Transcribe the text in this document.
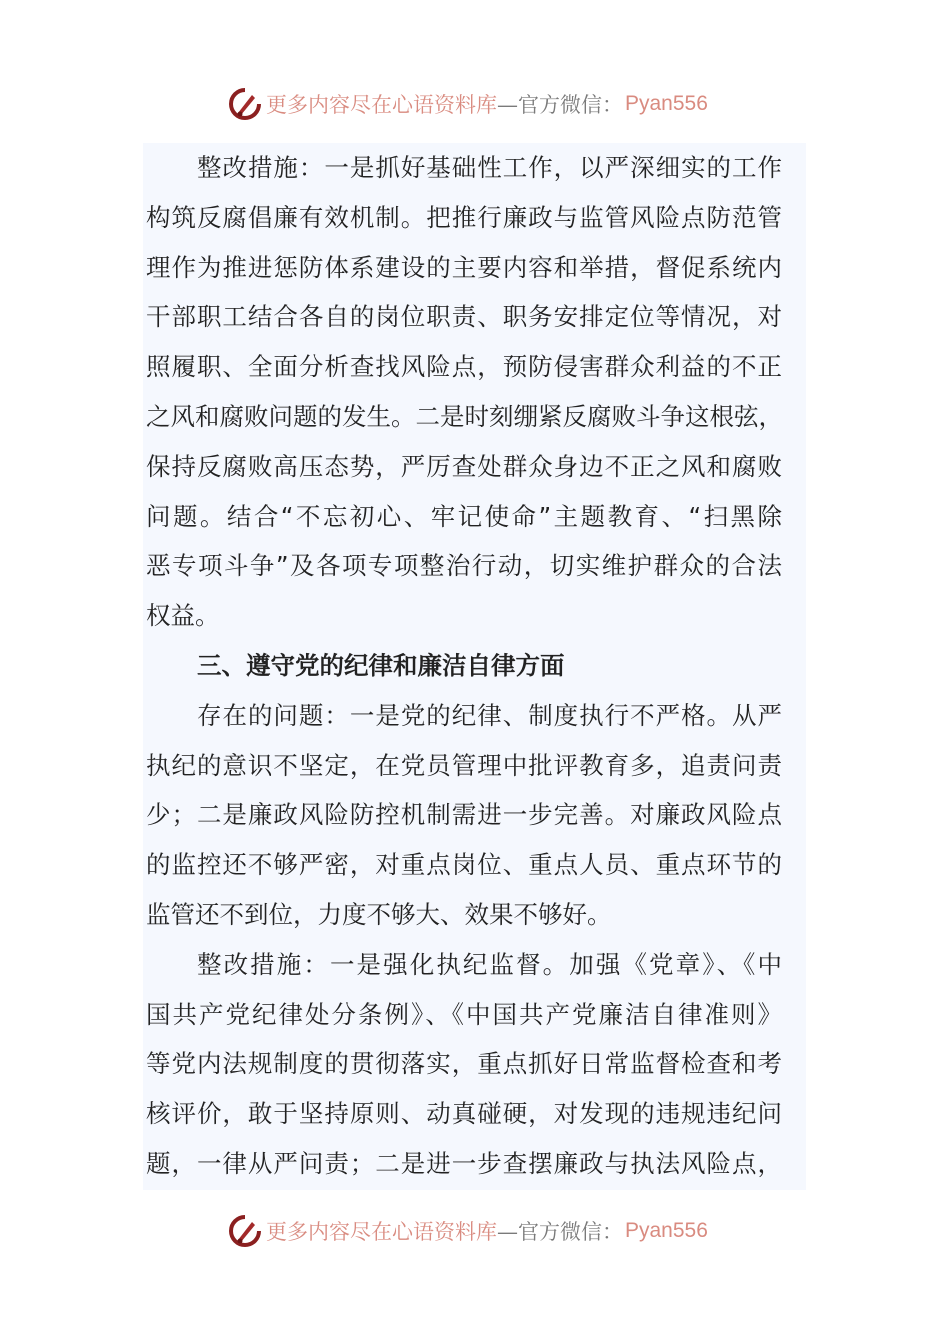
更多内容尽在心语资料库 —官方微信： Pyan556
整改措施：一是抓好基础性工作，以严深细实的工作
构筑反腐倡廉有效机制。把推行廉政与监管风险点防范管
理作为推进惩防体系建设的主要内容和举措，督促系统内
干部职工结合各自的岗位职责、职务安排定位等情况，对
照履职、全面分析查找风险点，预防侵害群众利益的不正
之风和腐败问题的发生。二是时刻绷紧反腐败斗争这根弦，
保持反腐败高压态势，严厉查处群众身边不正之风和腐败
问题。结合“不忘初心、牢记使命”主题教育、“扫黑除
恶专项斗争”及各项专项整治行动，切实维护群众的合法
权益。
三、遵守党的纪律和廉洁自律方面
存在的问题：一是党的纪律、制度执行不严格。从严
执纪的意识不坚定，在党员管理中批评教育多，追责问责
少；二是廉政风险防控机制需进一步完善。对廉政风险点
的监控还不够严密，对重点岗位、重点人员、重点环节的
监管还不到位，力度不够大、效果不够好。
整改措施：一是强化执纪监督。加强《党章》、《中
国共产党纪律处分条例》、《中国共产党廉洁自律准则》
等党内法规制度的贯彻落实，重点抓好日常监督检查和考
核评价，敢于坚持原则、动真碰硬，对发现的违规违纪问
题，一律从严问责；二是进一步查摆廉政与执法风险点，
更多内容尽在心语资料库 —官方微信： Pyan556
